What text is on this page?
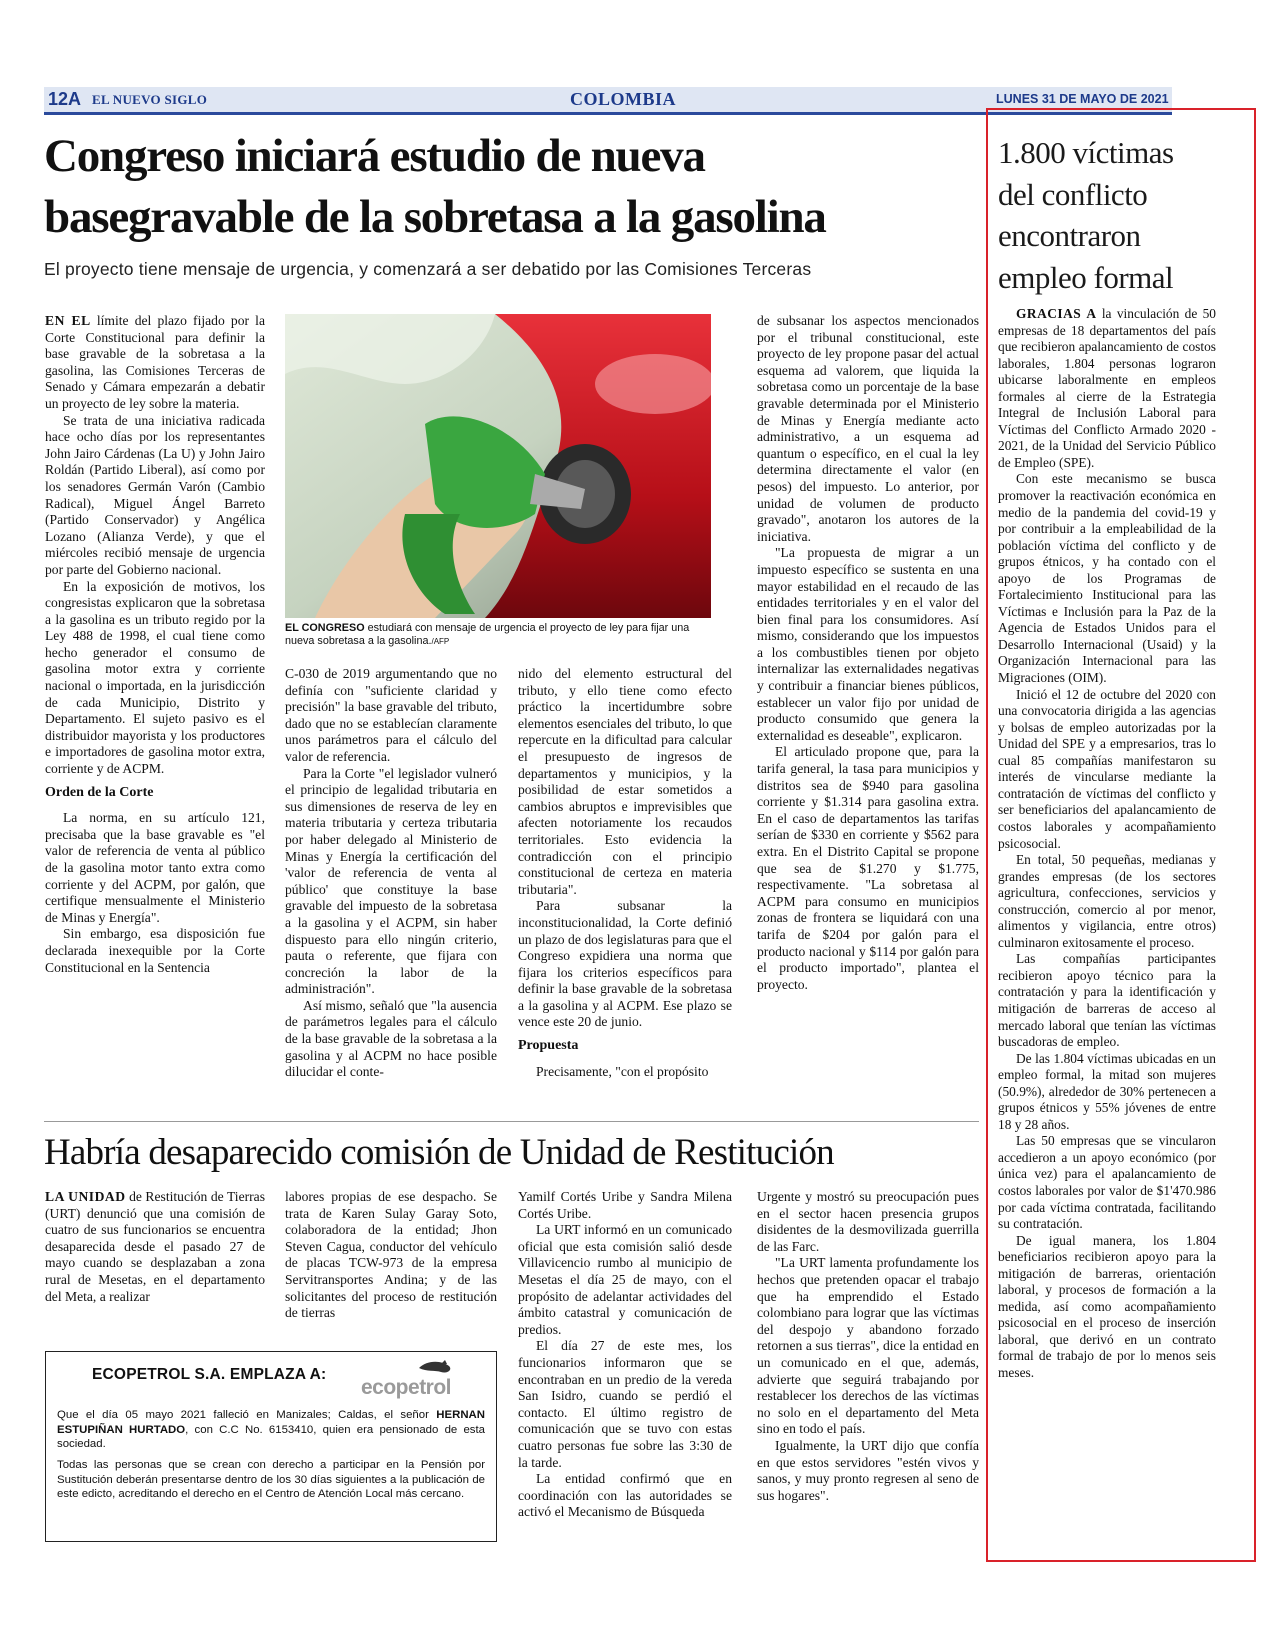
12A EL NUEVO SIGLO	COLOMBIA	LUNES 31 DE MAYO DE 2021
Congreso iniciará estudio de nueva
basegravable de la sobretasa a la gasolina
El proyecto tiene mensaje de urgencia, y comenzará a ser debatido por las Comisiones Terceras

EN EL límite del plazo fijado por la Corte Constitucional para definir la base gravable de la sobretasa a la gasolina, las Comisiones Terceras de Senado y Cámara empezarán a debatir un proyecto de ley sobre la materia.

Se trata de una iniciativa radicada hace ocho días por los representantes John Jairo Cárdenas (La U) y John Jairo Roldán (Partido Liberal), así como por los senadores Germán Varón (Cambio Radical), Miguel Ángel Barreto (Partido Conservador) y Angélica Lozano (Alianza Verde), y que el miércoles recibió mensaje de urgencia por parte del Gobierno nacional.

En la exposición de motivos, los congresistas explicaron que la sobretasa a la gasolina es un tributo regido por la Ley 488 de 1998, el cual tiene como hecho generador el consumo de gasolina motor extra y corriente nacional o importada, en la jurisdicción de cada Municipio, Distrito y Departamento. El sujeto pasivo es el distribuidor mayorista y los productores e importadores de gasolina motor extra, corriente y de ACPM.

Orden de la Corte

La norma, en su artículo 121, precisaba que la base gravable es "el valor de referencia de venta al público de la gasolina motor tanto extra como corriente y del ACPM, por galón, que certifique mensualmente el Ministerio de Minas y Energía".

Sin embargo, esa disposición fue declarada inexequible por la Corte Constitucional en la Sentencia

EL CONGRESO estudiará con mensaje de urgencia el proyecto de ley para fijar una nueva sobretasa a la gasolina./AFP

C-030 de 2019 argumentando que no definía con "suficiente claridad y precisión" la base gravable del tributo, dado que no se establecían claramente unos parámetros para el cálculo del valor de referencia.

Para la Corte "el legislador vulneró el principio de legalidad tributaria en sus dimensiones de reserva de ley en materia tributaria y certeza tributaria por haber delegado al Ministerio de Minas y Energía la certificación del 'valor de referencia de venta al público' que constituye la base gravable del impuesto de la sobretasa a la gasolina y el ACPM, sin haber dispuesto para ello ningún criterio, pauta o referente, que fijara con concreción la labor de la administración".

Así mismo, señaló que "la ausencia de parámetros legales para el cálculo de la base gravable de la sobretasa a la gasolina y al ACPM no hace posible dilucidar el conte-

nido del elemento estructural del tributo, y ello tiene como efecto práctico la incertidumbre sobre elementos esenciales del tributo, lo que repercute en la dificultad para calcular el presupuesto de ingresos de departamentos y municipios, y la posibilidad de estar sometidos a cambios abruptos e imprevisibles que afecten notoriamente los recaudos territoriales. Esto evidencia la contradicción con el principio constitucional de certeza en materia tributaria".

Para subsanar la inconstitucionalidad, la Corte definió un plazo de dos legislaturas para que el Congreso expidiera una norma que fijara los criterios específicos para definir la base gravable de la sobretasa a la gasolina y al ACPM. Ese plazo se vence este 20 de junio.

Propuesta

Precisamente, "con el propósito

de subsanar los aspectos mencionados por el tribunal constitucional, este proyecto de ley propone pasar del actual esquema ad valorem, que liquida la sobretasa como un porcentaje de la base gravable determinada por el Ministerio de Minas y Energía mediante acto administrativo, a un esquema ad quantum o específico, en el cual la ley determina directamente el valor (en pesos) del impuesto. Lo anterior, por unidad de volumen de producto gravado", anotaron los autores de la iniciativa.

"La propuesta de migrar a un impuesto específico se sustenta en una mayor estabilidad en el recaudo de las entidades territoriales y en el valor del bien final para los consumidores. Así mismo, considerando que los impuestos a los combustibles tienen por objeto internalizar las externalidades negativas y contribuir a financiar bienes públicos, establecer un valor fijo por unidad de producto consumido que genera la externalidad es deseable", explicaron.

El articulado propone que, para la tarifa general, la tasa para municipios y distritos sea de $940 para gasolina corriente y $1.314 para gasolina extra. En el caso de departamentos las tarifas serían de $330 en corriente y $562 para extra. En el Distrito Capital se propone que sea de $1.270 y $1.775, respectivamente. "La sobretasa al ACPM para consumo en municipios zonas de frontera se liquidará con una tarifa de $204 por galón para el producto nacional y $114 por galón para el producto importado", plantea el proyecto.

Habría desaparecido comisión de Unidad de Restitución

LA UNIDAD de Restitución de Tierras (URT) denunció que una comisión de cuatro de sus funcionarios se encuentra desaparecida desde el pasado 27 de mayo cuando se desplazaban a zona rural de Mesetas, en el departamento del Meta, a realizar

labores propias de ese despacho. Se trata de Karen Sulay Garay Soto, colaboradora de la entidad; Jhon Steven Cagua, conductor del vehículo de placas TCW-973 de la empresa Servitransportes Andina; y de las solicitantes del proceso de restitución de tierras

Yamilf Cortés Uribe y Sandra Milena Cortés Uribe.

La URT informó en un comunicado oficial que esta comisión salió desde Villavicencio rumbo al municipio de Mesetas el día 25 de mayo, con el propósito de adelantar actividades del ámbito catastral y comunicación de predios.

El día 27 de este mes, los funcionarios informaron que se encontraban en un predio de la vereda San Isidro, cuando se perdió el contacto. El último registro de comunicación que se tuvo con estas cuatro personas fue sobre las 3:30 de la tarde.

La entidad confirmó que en coordinación con las autoridades se activó el Mecanismo de Búsqueda

Urgente y mostró su preocupación pues en el sector hacen presencia grupos disidentes de la desmovilizada guerrilla de las Farc.

"La URT lamenta profundamente los hechos que pretenden opacar el trabajo que ha emprendido el Estado colombiano para lograr que las víctimas del despojo y abandono forzado retornen a sus tierras", dice la entidad en un comunicado en el que, además, advierte que seguirá trabajando por restablecer los derechos de las víctimas no solo en el departamento del Meta sino en todo el país.

Igualmente, la URT dijo que confía en que estos servidores "estén vivos y sanos, y muy pronto regresen al seno de sus hogares".

ECOPETROL S.A. EMPLAZA A:
ecopetrol
Que el día 05 mayo 2021 falleció en Manizales; Caldas, el señor HERNAN ESTUPIÑAN HURTADO, con C.C No. 6153410, quien era pensionado de esta sociedad.
Todas las personas que se crean con derecho a participar en la Pensión por Sustitución deberán presentarse dentro de los 30 días siguientes a la publicación de este edicto, acreditando el derecho en el Centro de Atención Local más cercano.
1.800 víctimas
del conflicto
encontraron
empleo formal

GRACIAS A la vinculación de 50 empresas de 18 departamentos del país que recibieron apalancamiento de costos laborales, 1.804 personas lograron ubicarse laboralmente en empleos formales al cierre de la Estrategia Integral de Inclusión Laboral para Víctimas del Conflicto Armado 2020 - 2021, de la Unidad del Servicio Público de Empleo (SPE).

Con este mecanismo se busca promover la reactivación económica en medio de la pandemia del covid-19 y por contribuir a la empleabilidad de la población víctima del conflicto y de grupos étnicos, y ha contado con el apoyo de los Programas de Fortalecimiento Institucional para las Víctimas e Inclusión para la Paz de la Agencia de Estados Unidos para el Desarrollo Internacional (Usaid) y la Organización Internacional para las Migraciones (OIM).

Inició el 12 de octubre del 2020 con una convocatoria dirigida a las agencias y bolsas de empleo autorizadas por la Unidad del SPE y a empresarios, tras lo cual 85 compañías manifestaron su interés de vincularse mediante la contratación de víctimas del conflicto y ser beneficiarios del apalancamiento de costos laborales y acompañamiento psicosocial.

En total, 50 pequeñas, medianas y grandes empresas (de los sectores agricultura, confecciones, servicios y construcción, comercio al por menor, alimentos y vigilancia, entre otros) culminaron exitosamente el proceso.

Las compañías participantes recibieron apoyo técnico para la contratación y para la identificación y mitigación de barreras de acceso al mercado laboral que tenían las víctimas buscadoras de empleo.

De las 1.804 víctimas ubicadas en un empleo formal, la mitad son mujeres (50.9%), alrededor de 30% pertenecen a grupos étnicos y 55% jóvenes de entre 18 y 28 años.

Las 50 empresas que se vincularon accedieron a un apoyo económico (por única vez) para el apalancamiento de costos laborales por valor de $1'470.986 por cada víctima contratada, facilitando su contratación.

De igual manera, los 1.804 beneficiarios recibieron apoyo para la mitigación de barreras, orientación laboral, y procesos de formación a la medida, así como acompañamiento psicosocial en el proceso de inserción laboral, que derivó en un contrato formal de trabajo de por lo menos seis meses.
